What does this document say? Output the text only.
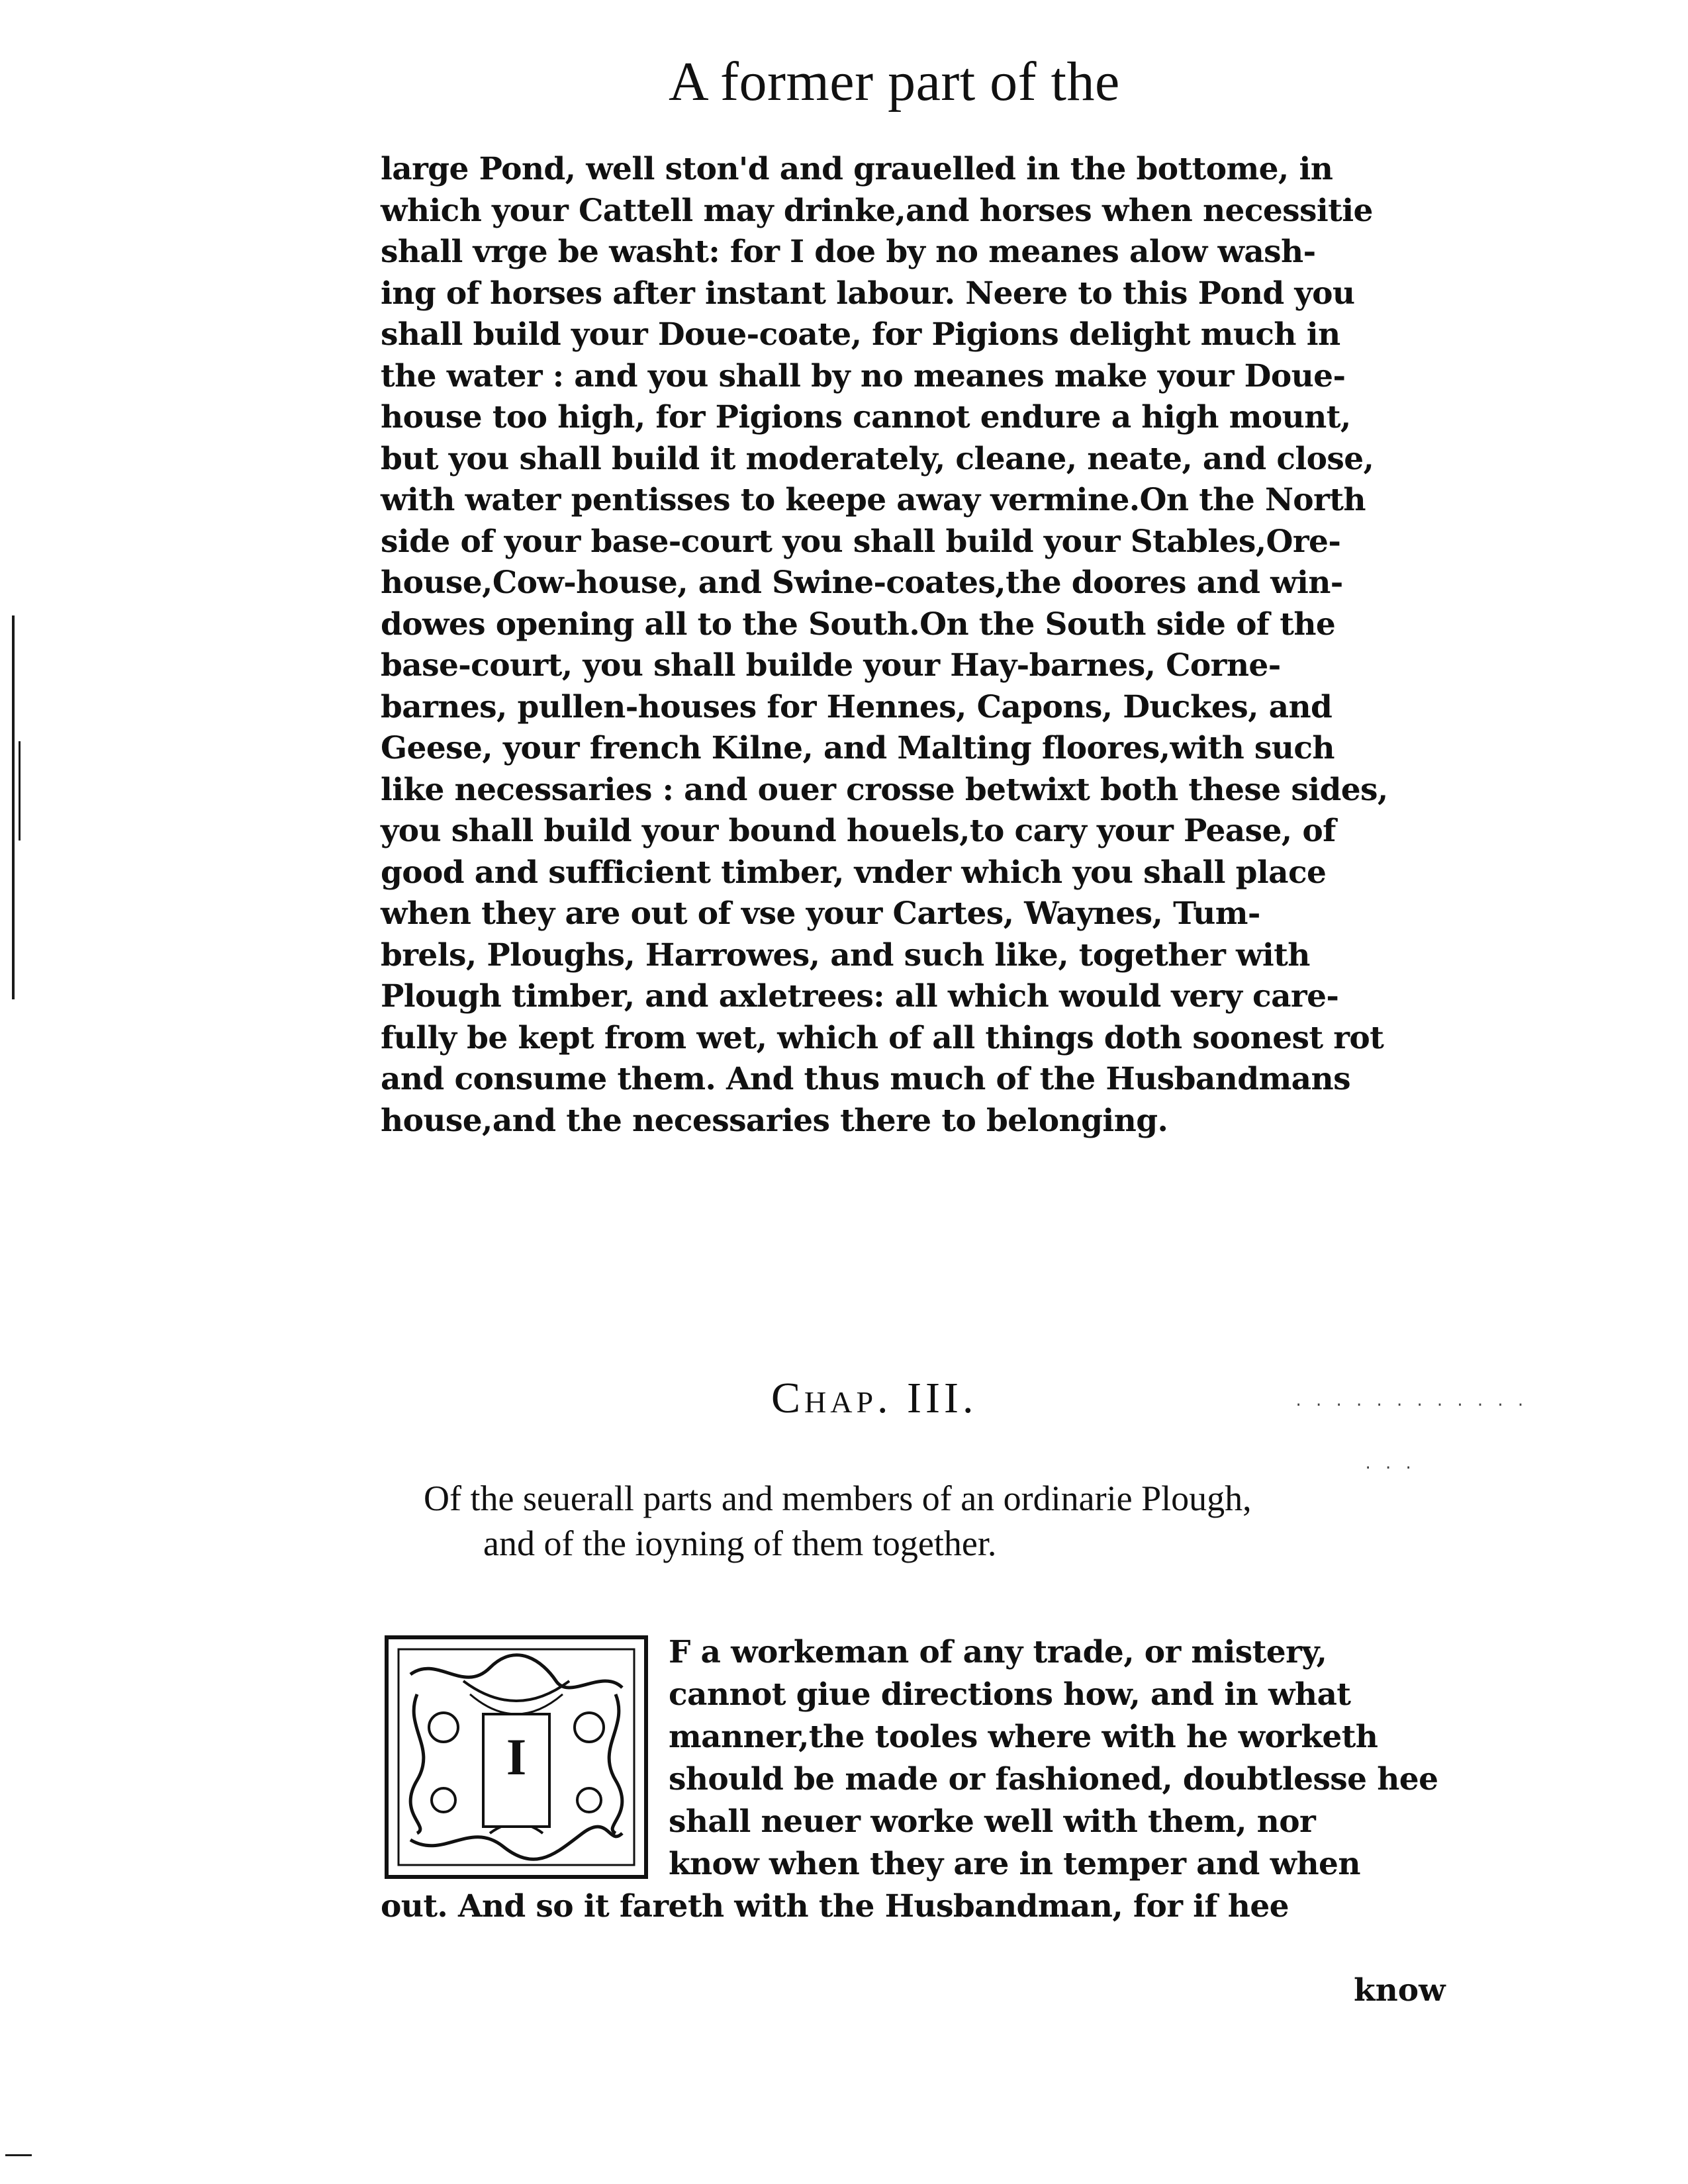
. . . . . . . . . . . .
. . .
A former part of the
large Pond, well ston'd and grauelled in the bottome, in
which your Cattell may drinke,and horses when necessitie
shall vrge be washt: for I doe by no meanes alow wash-
ing of horses after instant labour. Neere to this Pond you
shall build your Doue-coate, for Pigions delight much in
the water : and you shall by no meanes make your Doue-
house too high, for Pigions cannot endure a high mount,
but you shall build it moderately, cleane, neate, and close,
with water pentisses to keepe away vermine.On the North
side of your base-court you shall build your Stables,Ore-
house,Cow-house, and Swine-coates,the doores and win-
dowes opening all to the South.On the South side of the
base-court, you shall builde your Hay-barnes, Corne-
barnes, pullen-houses for Hennes, Capons, Duckes, and
Geese, your french Kilne, and Malting floores,with such
like necessaries : and ouer crosse betwixt both these sides,
you shall build your bound houels,to cary your Pease, of
good and sufficient timber, vnder which you shall place
when they are out of vse your Cartes, Waynes, Tum-
brels, Ploughs, Harrowes, and such like, together with
Plough timber, and axletrees: all which would very care-
fully be kept from wet, which of all things doth soonest rot
and consume them. And thus much of the Husbandmans
house,and the necessaries there to belonging.
Chap. III.
Of the seuerall parts and members of an ordinarie Plough,
and of the ioyning of them together.
I
F a workeman of any trade, or mistery,
cannot giue directions how, and in what
manner,the tooles where with he worketh
should be made or fashioned, doubtlesse hee
shall neuer worke well with them, nor
know when they are in temper and when
out. And so it fareth with the Husbandman, for if hee
know
